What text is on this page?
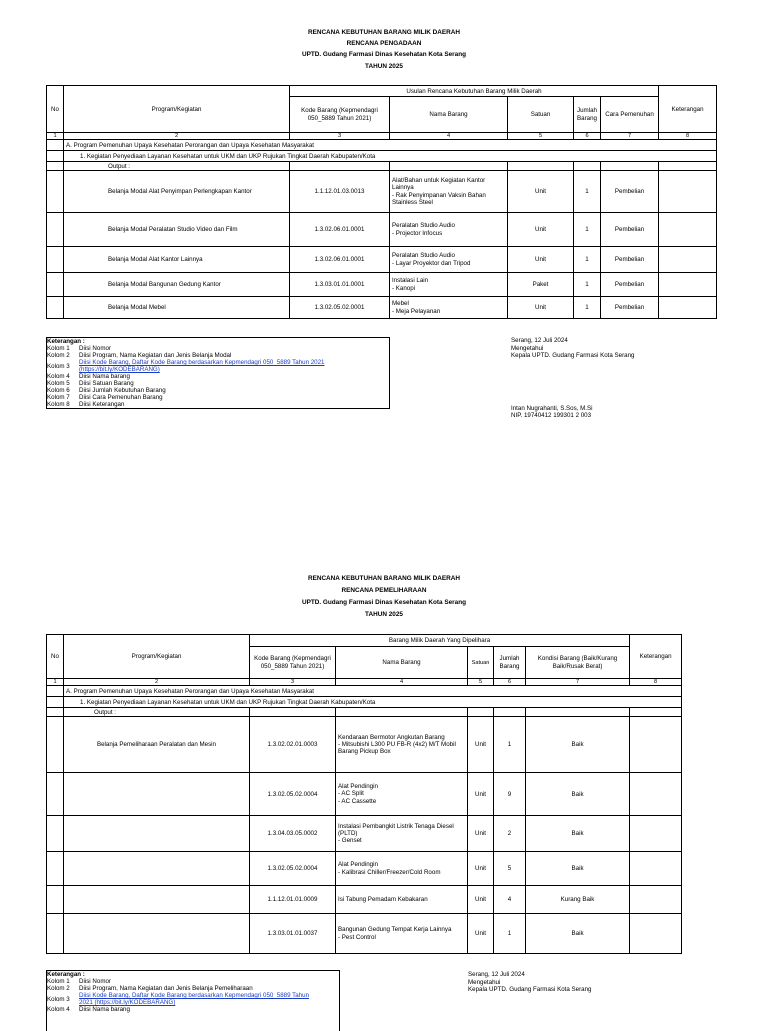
RENCANA KEBUTUHAN BARANG MILIK DAERAH
RENCANA PENGADAAN
UPTD. Gudang Farmasi Dinas Kesehatan Kota Serang
TAHUN 2025
No	Program/Kegiatan	Usulan Rencana Kebutuhan Barang Milik Daerah					Keterangan
		Kode Barang (Kepmendagri 050_5889 Tahun 2021)	Nama Barang	Satuan	Jumlah Barang	Cara Pemenuhan	
1	2	3	4	5	6	7	8
	A. Program Pemenuhan Upaya Kesehatan Perorangan dan Upaya Kesehatan Masyarakat						
	1. Kegiatan Penyediaan Layanan Kesehatan untuk UKM dan UKP Rujukan Tingkat Daerah Kabupaten/Kota						
	Output :						
	Belanja Modal Alat Penyimpan Perlengkapan Kantor	1.1.12.01.03.0013	Alat/Bahan untuk Kegiatan Kantor Lainnya
- Rak Penyimpanan Vaksin Bahan Stainless Steel	Unit	1	Pembelian	
	Belanja Modal Peralatan Studio Video dan Film	1.3.02.06.01.0001	Peralatan Studio Audio
- Projector Infocus	Unit	1	Pembelian	
	Belanja Modal Alat Kantor Lainnya	1.3.02.06.01.0001	Peralatan Studio Audio
- Layar Proyektor dan Tripod	Unit	1	Pembelian	
	Belanja Modal Bangunan Gedung Kantor	1.3.03.01.01.0001	Instalasi Lain
- Kanopi	Paket	1	Pembelian	
	Belanja Modal Mebel	1.3.02.05.02.0001	Mebel
- Meja Pelayanan	Unit	1	Pembelian	
Keterangan :
Kolom 1	Diisi Nomor
Kolom 2	Diisi Program, Nama Kegiatan dan Jenis Belanja Modal
Kolom 3	Diisi Kode Barang, Daftar Kode Barang berdasarkan Kepmendagri 050_5889 Tahun 2021 (https://bit.ly/KODEBARANG)
Kolom 4	Diisi Nama barang
Kolom 5	Diisi Satuan Barang
Kolom 6	Diisi Jumlah Kebutuhan Barang
Kolom 7	Diisi Cara Pemenuhan Barang
Kolom 8	Diisi Keterangan
Serang, 12 Juli 2024
Mengetahui
Kepala UPTD. Gudang Farmasi Kota Serang
Intan Nugrahanti, S.Sos, M.Si
NIP. 19740412 199301 2 003
RENCANA KEBUTUHAN BARANG MILIK DAERAH
RENCANA PEMELIHARAAN
UPTD. Gudang Farmasi Dinas Kesehatan Kota Serang
TAHUN 2025
No	Program/Kegiatan	Barang Milik Daerah Yang Dipelihara					Keterangan
		Kode Barang (Kepmendagri 050_5889 Tahun 2021)	Nama Barang	Satuan	Jumlah Barang	Kondisi Barang (Baik/Kurang Baik/Rusak Berat)	
1	2	3	4	5	6	7	8
	A. Program Pemenuhan Upaya Kesehatan Perorangan dan Upaya Kesehatan Masyarakat						
	1. Kegiatan Penyediaan Layanan Kesehatan untuk UKM dan UKP Rujukan Tingkat Daerah Kabupaten/Kota						
	Output :						
	Belanja Pemeliharaan Peralatan dan Mesin	1.3.02.02.01.0003	Kendaraan Bermotor Angkutan Barang
- Mitsubishi L300 PU FB-R (4x2) M/T Mobil Barang Pickup Box	Unit	1	Baik	
		1.3.02.05.02.0004	Alat Pendingin
- AC Split
- AC Cassette	Unit	9	Baik	
		1.3.04.03.05.0002	Instalasi Pembangkit Listrik Tenaga Diesel (PLTD)
- Genset	Unit	2	Baik	
		1.3.02.05.02.0004	Alat Pendingin
- Kalibrasi Chiller/Freezer/Cold Room	Unit	5	Baik	
		1.1.12.01.01.0009	Isi Tabung Pemadam Kebakaran	Unit	4	Kurang Baik	
		1.3.03.01.01.0037	Bangunan Gedung Tempat Kerja Lainnya
- Pest Control	Unit	1	Baik	
Keterangan :
Kolom 1	Diisi Nomor
Kolom 2	Diisi Program, Nama Kegiatan dan Jenis Belanja Pemeliharaan
Kolom 3	Diisi Kode Barang, Daftar Kode Barang berdasarkan Kepmendagri 050_5889 Tahun 2021 (https://bit.ly/KODEBARANG)
Kolom 4	Diisi Nama barang
Serang, 12 Juli 2024
Mengetahui
Kepala UPTD. Gudang Farmasi Kota Serang
